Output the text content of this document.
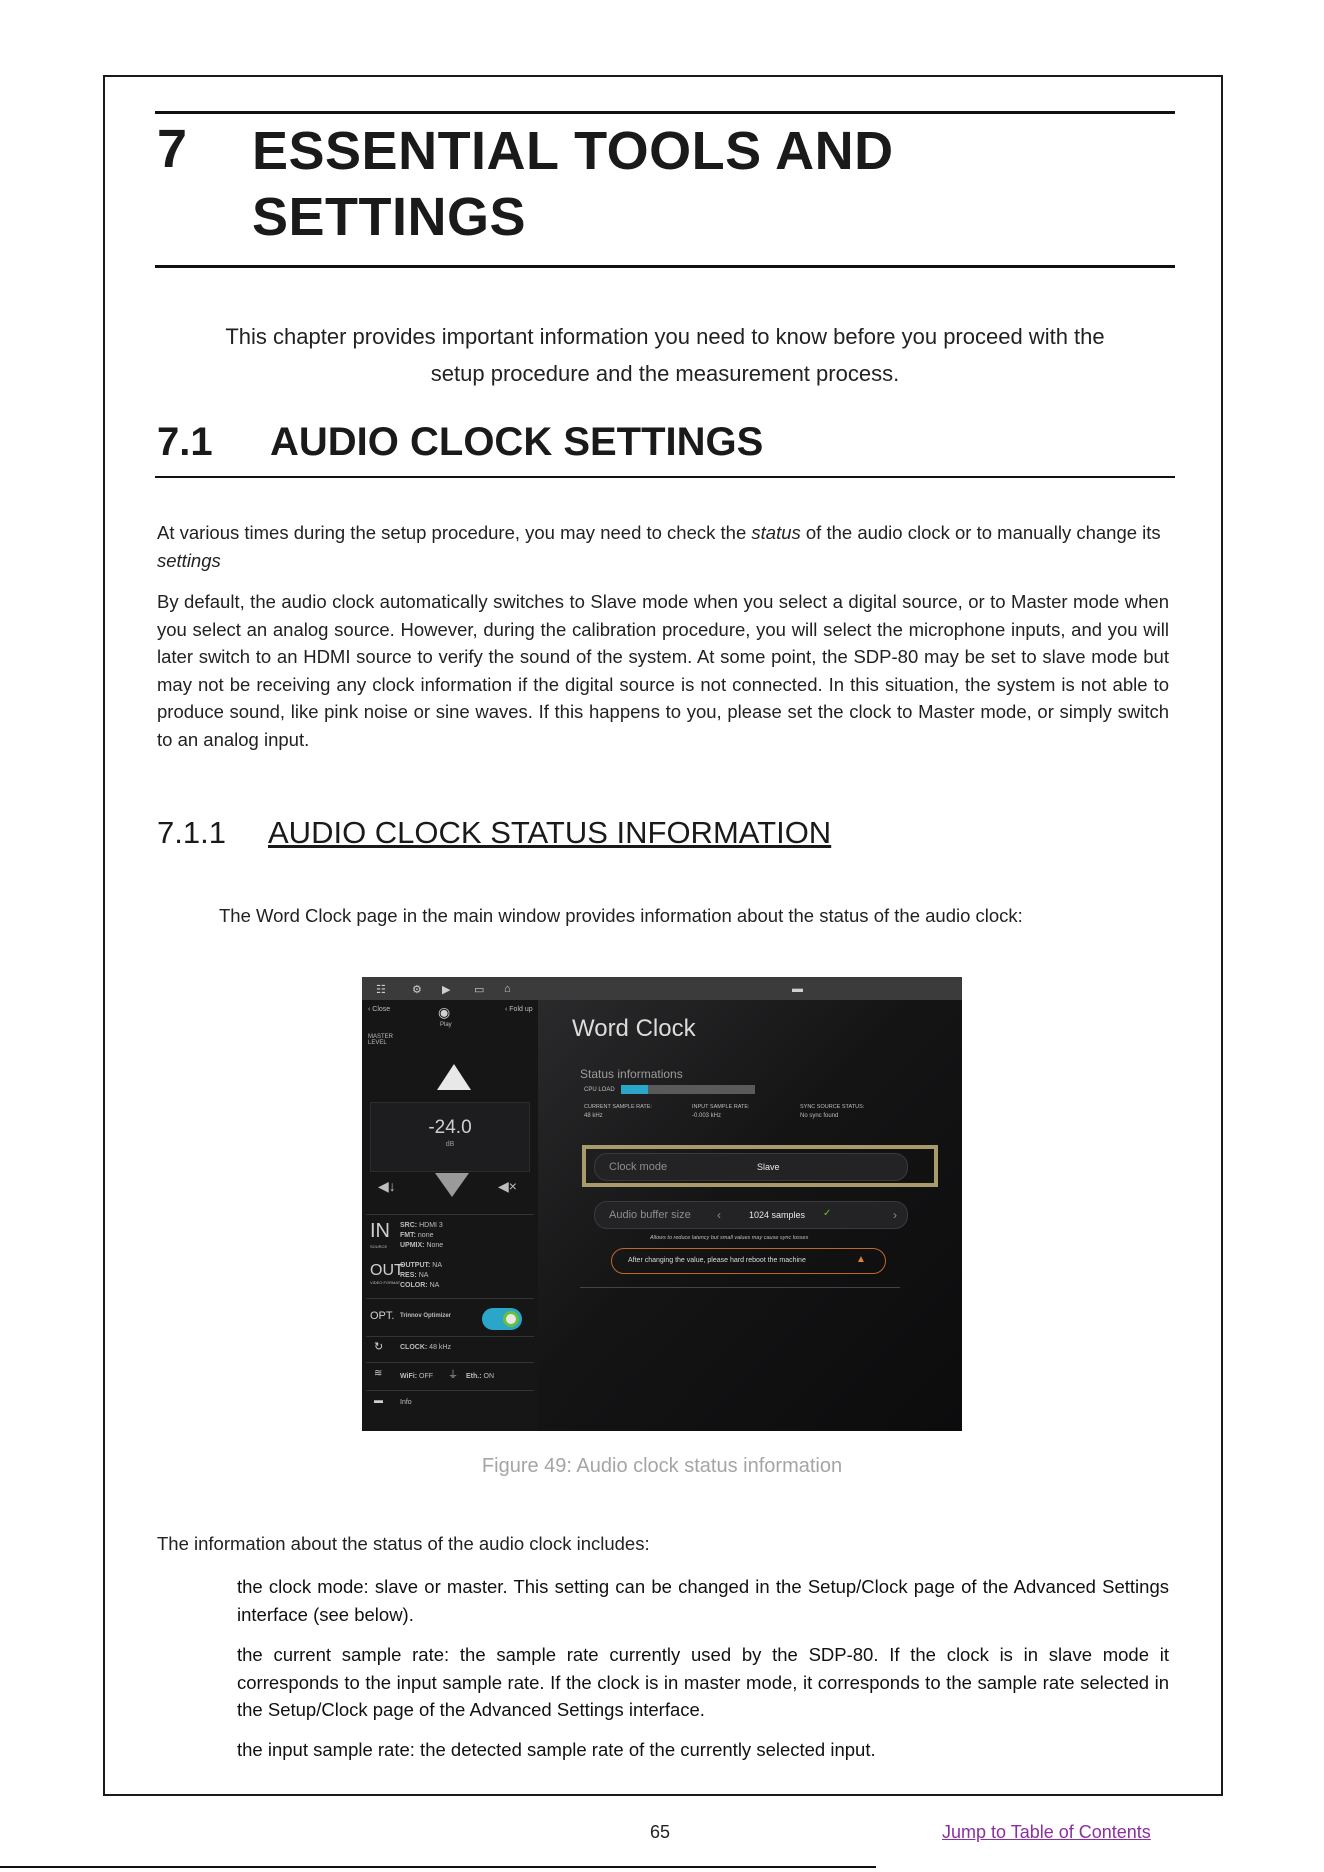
7 ESSENTIAL TOOLS AND
SETTINGS
This chapter provides important information you need to know before you proceed with the
setup procedure and the measurement process.
7.1 AUDIO CLOCK SETTINGS

At various times during the setup procedure, you may need to check the status of the audio clock or to manually change its settings

By default, the audio clock automatically switches to Slave mode when you select a digital source, or to Master mode when you select an analog source. However, during the calibration procedure, you will select the microphone inputs, and you will later switch to an HDMI source to verify the sound of the system. At some point, the SDP-80 may be set to slave mode but may not be receiving any clock information if the digital source is not connected. In this situation, the system is not able to produce sound, like pink noise or sine waves. If this happens to you, please set the clock to Master mode, or simply switch to an analog input.

7.1.1 AUDIO CLOCK STATUS INFORMATION

The Word Clock page in the main window provides information about the status of the audio clock:

☷ ⚙ ▶ ▭ ⌂	▬
‹ Close	‹ Fold up
◉
Play
MASTER LEVEL
-24.0
dB
◀↓	◀×
IN
SOURCE
SRC: HDMI 3
FMT: none
UPMIX: None
OUT
VIDEO FORMAT
OUTPUT: NA
RES: NA
COLOR: NA
OPT. Trinnov Optimizer
↻ CLOCK: 48 kHz
≋	WiFi: OFF ⏚ Eth.: ON
▬ Info
Word Clock
Status informations
CPU LOAD
CURRENT SAMPLE RATE:
48 kHz
INPUT SAMPLE RATE:
-0.003 kHz
SYNC SOURCE STATUS:
No sync found
Clock mode	Slave
Audio buffer size ‹	1024 samples ✓	›
Allows to reduce latency but small values may cause sync losses
After changing the value, please hard reboot the machine	▲
Figure 49: Audio clock status information

The information about the status of the audio clock includes:

the clock mode: slave or master. This setting can be changed in the Setup/Clock page of the Advanced Settings interface (see below).

the current sample rate: the sample rate currently used by the SDP-80. If the clock is in slave mode it corresponds to the input sample rate. If the clock is in master mode, it corresponds to the sample rate selected in the Setup/Clock page of the Advanced Settings interface.

the input sample rate: the detected sample rate of the currently selected input.

65	Jump to Table of Contents
